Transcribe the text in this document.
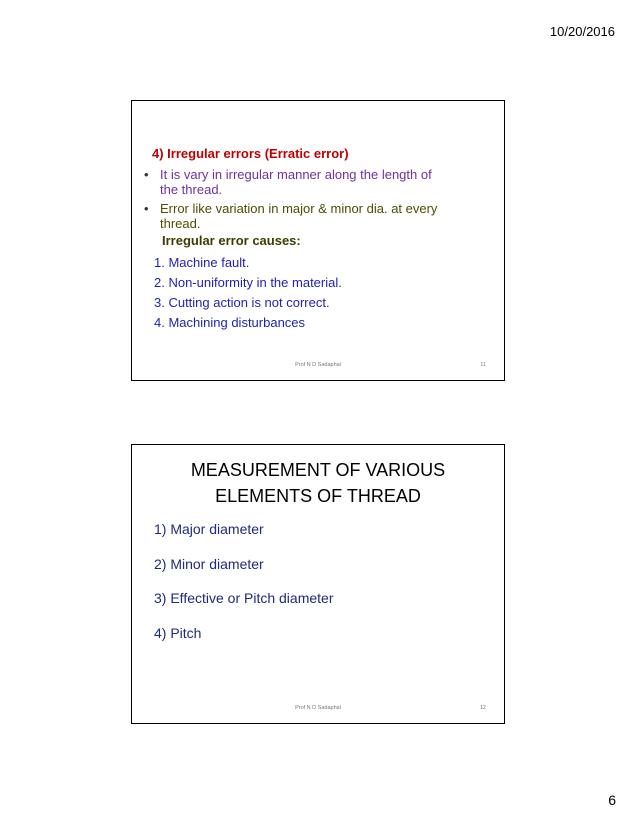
10/20/2016
4) Irregular errors (Erratic error)
• It is vary in irregular manner along the length of
the thread.
• Error like variation in major & minor dia. at every
thread.
Irregular error causes:
1. Machine fault.
2. Non-uniformity in the material.
3. Cutting action is not correct.
4. Machining disturbances
Prof N D Sadaphal	11
MEASUREMENT OF VARIOUS
ELEMENTS OF THREAD
1) Major diameter
2) Minor diameter
3) Effective or Pitch diameter
4) Pitch
Prof N D Sadaphal	12
6
